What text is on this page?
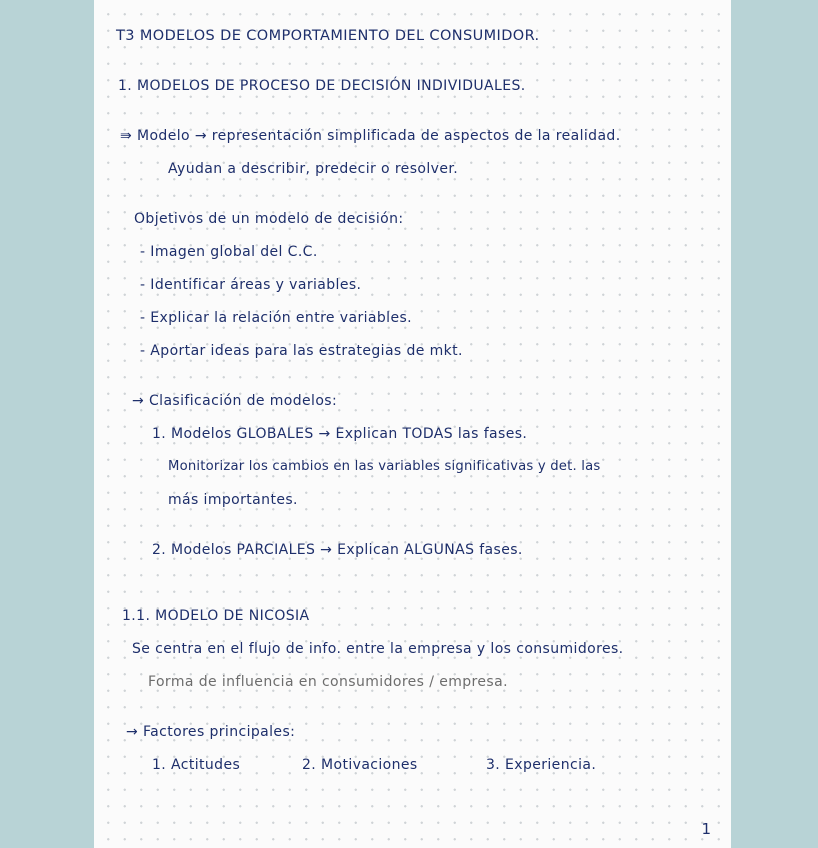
T3 MODELOS DE COMPORTAMIENTO DEL CONSUMIDOR.
1. MODELOS DE PROCESO DE DECISIÓN INDIVIDUALES.
⇛ Modelo → representación simplificada de aspectos de la realidad.
Ayudan a describir, predecir o resolver.
Objetivos de un modelo de decisión:
- Imagen global del C.C.
- Identificar áreas y variables.
- Explicar la relación entre variables.
- Aportar ideas para las estrategias de mkt.
→ Clasificación de modelos:
1. Modelos GLOBALES → Explican TODAS las fases.
Monitorizar los cambios en las variables significativas y det. las
más importantes.
2. Modelos PARCIALES → Explican ALGUNAS fases.
1.1. MODELO DE NICOSIA
Se centra en el flujo de info. entre la empresa y los consumidores.
Forma de influencia en consumidores / empresa.
→ Factores principales:
1. Actitudes	2. Motivaciones	3. Experiencia.
1
